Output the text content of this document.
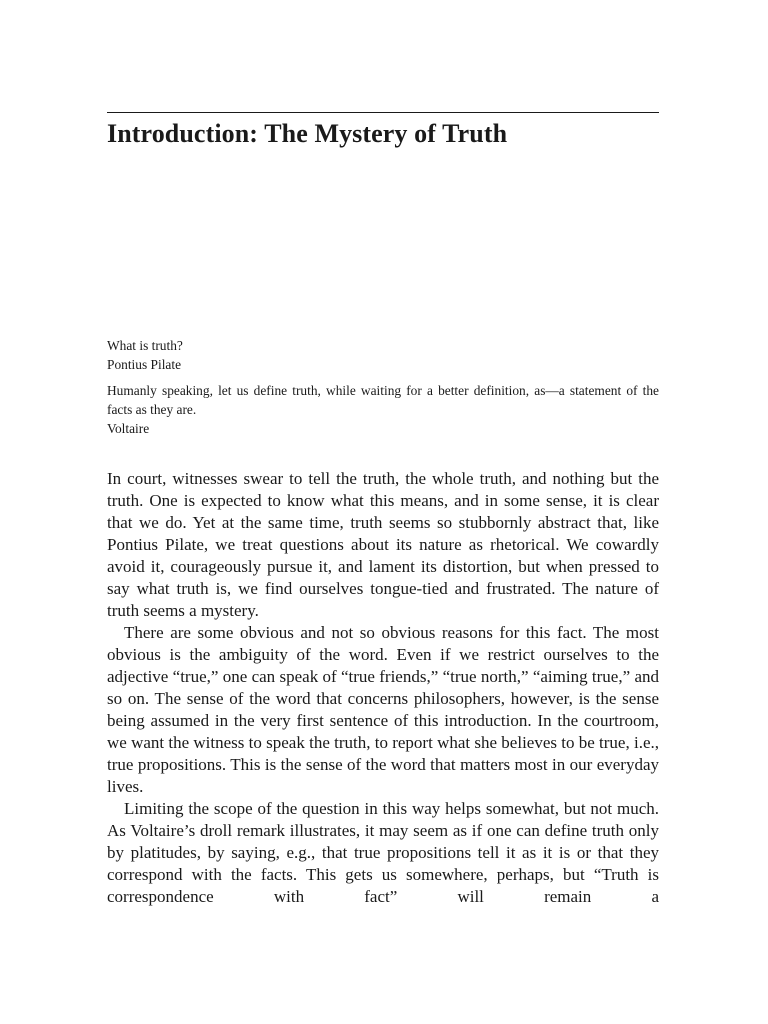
Introduction: The Mystery of Truth

What is truth?

Pontius Pilate

Humanly speaking, let us define truth, while waiting for a better definition, as—a statement of the facts as they are.

Voltaire

In court, witnesses swear to tell the truth, the whole truth, and nothing but the truth. One is expected to know what this means, and in some sense, it is clear that we do. Yet at the same time, truth seems so stubbornly abstract that, like Pontius Pilate, we treat questions about its nature as rhetorical. We cowardly avoid it, courageously pursue it, and lament its distortion, but when pressed to say what truth is, we find ourselves tongue-tied and frustrated. The nature of truth seems a mystery.

There are some obvious and not so obvious reasons for this fact. The most obvious is the ambiguity of the word. Even if we restrict ourselves to the adjective “true,” one can speak of “true friends,” “true north,” “aiming true,” and so on. The sense of the word that concerns philosophers, however, is the sense being assumed in the very first sentence of this introduction. In the courtroom, we want the witness to speak the truth, to report what she believes to be true, i.e., true propositions. This is the sense of the word that matters most in our everyday lives.

Limiting the scope of the question in this way helps somewhat, but not much. As Voltaire’s droll remark illustrates, it may seem as if one can define truth only by platitudes, by saying, e.g., that true propositions tell it as it is or that they correspond with the facts. This gets us somewhere, perhaps, but “Truth is correspondence with fact” will remain a
